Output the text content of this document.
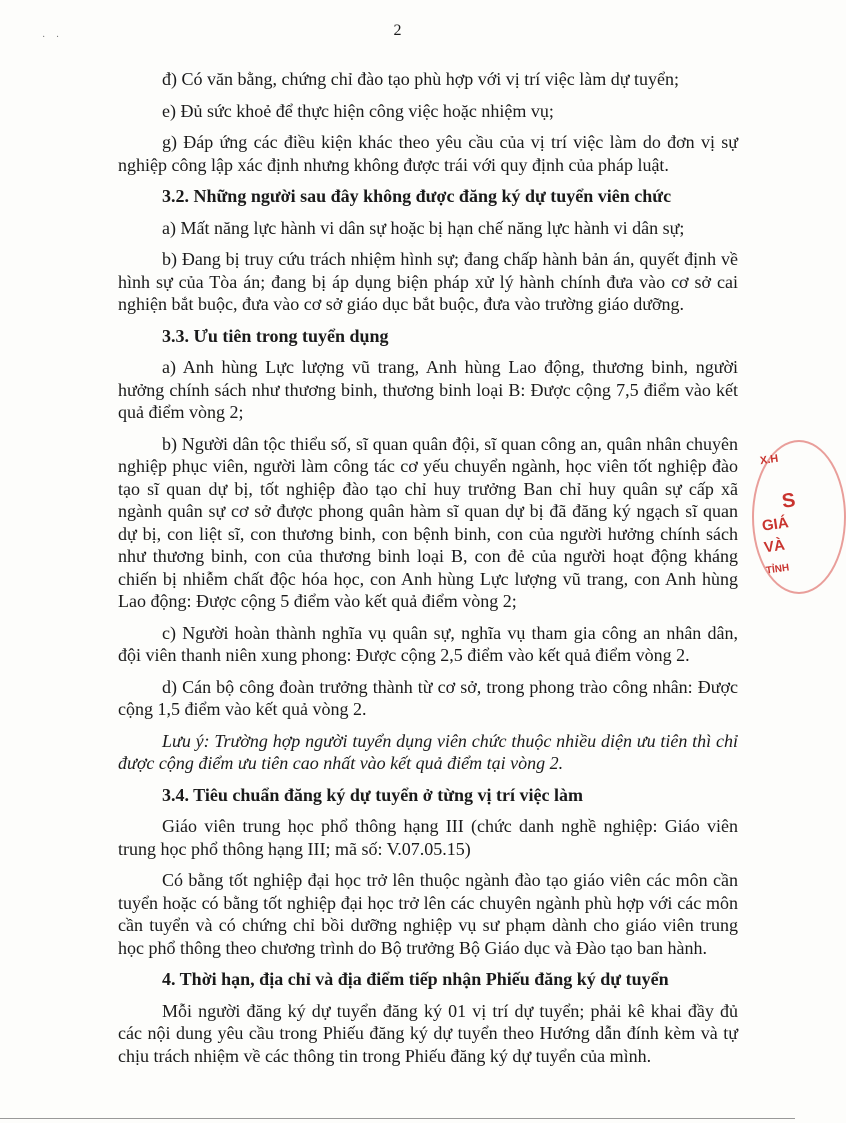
2
· ·

đ) Có văn bằng, chứng chỉ đào tạo phù hợp với vị trí việc làm dự tuyển;

e) Đủ sức khoẻ để thực hiện công việc hoặc nhiệm vụ;

g) Đáp ứng các điều kiện khác theo yêu cầu của vị trí việc làm do đơn vị sự nghiệp công lập xác định nhưng không được trái với quy định của pháp luật.

3.2. Những người sau đây không được đăng ký dự tuyển viên chức

a) Mất năng lực hành vi dân sự hoặc bị hạn chế năng lực hành vi dân sự;

b) Đang bị truy cứu trách nhiệm hình sự; đang chấp hành bản án, quyết định về hình sự của Tòa án; đang bị áp dụng biện pháp xử lý hành chính đưa vào cơ sở cai nghiện bắt buộc, đưa vào cơ sở giáo dục bắt buộc, đưa vào trường giáo dưỡng.

3.3. Ưu tiên trong tuyển dụng

a) Anh hùng Lực lượng vũ trang, Anh hùng Lao động, thương binh, người hưởng chính sách như thương binh, thương binh loại B: Được cộng 7,5 điểm vào kết quả điểm vòng 2;

b) Người dân tộc thiểu số, sĩ quan quân đội, sĩ quan công an, quân nhân chuyên nghiệp phục viên, người làm công tác cơ yếu chuyển ngành, học viên tốt nghiệp đào tạo sĩ quan dự bị, tốt nghiệp đào tạo chỉ huy trưởng Ban chỉ huy quân sự cấp xã ngành quân sự cơ sở được phong quân hàm sĩ quan dự bị đã đăng ký ngạch sĩ quan dự bị, con liệt sĩ, con thương binh, con bệnh binh, con của người hưởng chính sách như thương binh, con của thương binh loại B, con đẻ của người hoạt động kháng chiến bị nhiễm chất độc hóa học, con Anh hùng Lực lượng vũ trang, con Anh hùng Lao động: Được cộng 5 điểm vào kết quả điểm vòng 2;

c) Người hoàn thành nghĩa vụ quân sự, nghĩa vụ tham gia công an nhân dân, đội viên thanh niên xung phong: Được cộng 2,5 điểm vào kết quả điểm vòng 2.

d) Cán bộ công đoàn trưởng thành từ cơ sở, trong phong trào công nhân: Được cộng 1,5 điểm vào kết quả vòng 2.

Lưu ý: Trường hợp người tuyển dụng viên chức thuộc nhiều diện ưu tiên thì chỉ được cộng điểm ưu tiên cao nhất vào kết quả điểm tại vòng 2.

3.4. Tiêu chuẩn đăng ký dự tuyển ở từng vị trí việc làm

Giáo viên trung học phổ thông hạng III (chức danh nghề nghiệp: Giáo viên trung học phổ thông hạng III; mã số: V.07.05.15)

Có bằng tốt nghiệp đại học trở lên thuộc ngành đào tạo giáo viên các môn cần tuyển hoặc có bằng tốt nghiệp đại học trở lên các chuyên ngành phù hợp với các môn cần tuyển và có chứng chỉ bồi dưỡng nghiệp vụ sư phạm dành cho giáo viên trung học phổ thông theo chương trình do Bộ trưởng Bộ Giáo dục và Đào tạo ban hành.

4. Thời hạn, địa chỉ và địa điểm tiếp nhận Phiếu đăng ký dự tuyển

Mỗi người đăng ký dự tuyển đăng ký 01 vị trí dự tuyển; phải kê khai đầy đủ các nội dung yêu cầu trong Phiếu đăng ký dự tuyển theo Hướng dẫn đính kèm và tự chịu trách nhiệm về các thông tin trong Phiếu đăng ký dự tuyển của mình.

X.H
S
GIÁ
VÀ
TỈNH
